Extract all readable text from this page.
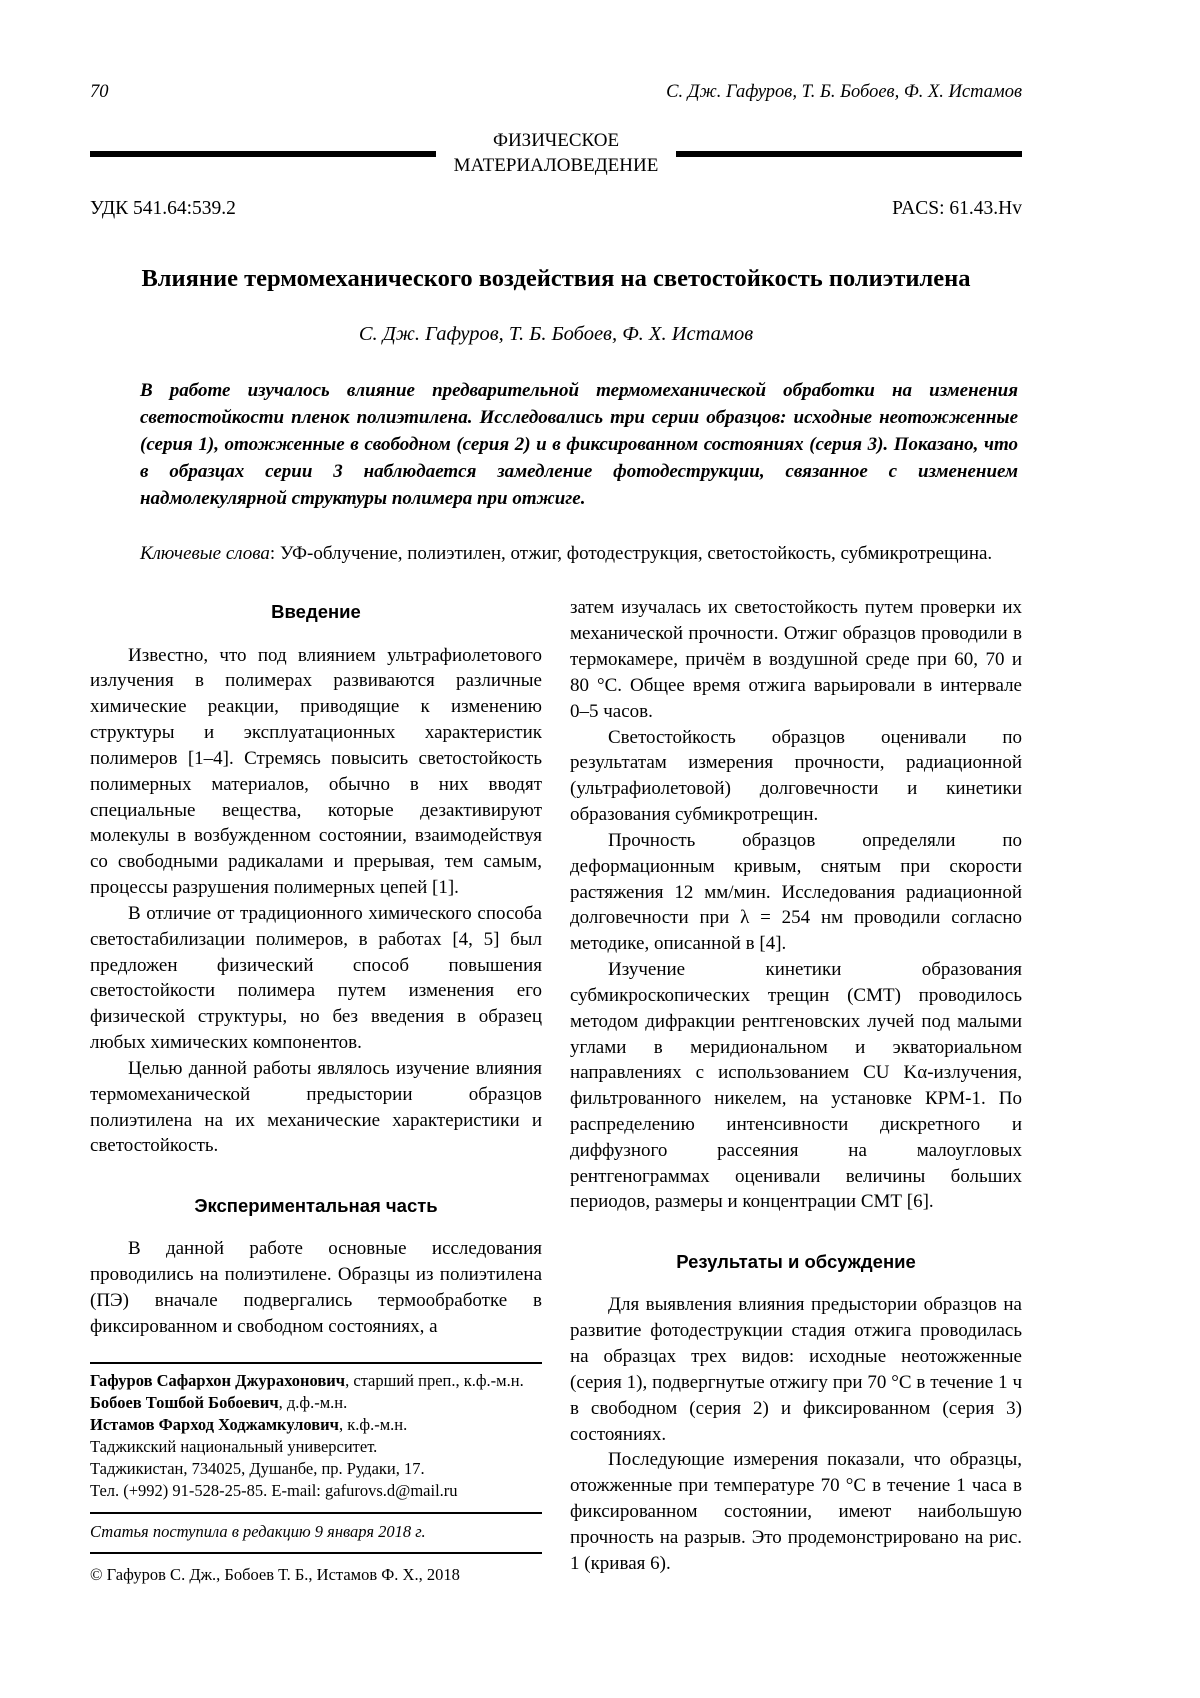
70	С. Дж. Гафуров, Т. Б. Бобоев, Ф. Х. Истамов
ФИЗИЧЕСКОЕ
МАТЕРИАЛОВЕДЕНИЕ
УДК 541.64:539.2	PACS: 61.43.Hv
Влияние термомеханического воздействия на светостойкость полиэтилена
С. Дж. Гафуров, Т. Б. Бобоев, Ф. Х. Истамов

В работе изучалось влияние предварительной термомеханической обработки на изменения светостойкости пленок полиэтилена. Исследовались три серии образцов: исходные неотожженные (серия 1), отожженные в свободном (серия 2) и в фиксированном состояниях (серия 3). Показано, что в образцах серии 3 наблюдается замедление фотодеструкции, связанное с изменением надмолекулярной структуры полимера при отжиге.

Ключевые слова: УФ-облучение, полиэтилен, отжиг, фотодеструкция, светостойкость, субмикротрещина.

Введение

Известно, что под влиянием ультрафиолетового излучения в полимерах развиваются различные химические реакции, приводящие к изменению структуры и эксплуатационных характеристик полимеров [1–4]. Стремясь повысить светостойкость полимерных материалов, обычно в них вводят специальные вещества, которые дезактивируют молекулы в возбужденном состоянии, взаимодействуя со свободными радикалами и прерывая, тем самым, процессы разрушения полимерных цепей [1].

В отличие от традиционного химического способа светостабилизации полимеров, в работах [4, 5] был предложен физический способ повышения светостойкости полимера путем изменения его физической структуры, но без введения в образец любых химических компонентов.

Целью данной работы являлось изучение влияния термомеханической предыстории образцов полиэтилена на их механические характеристики и светостойкость.

Экспериментальная часть

В данной работе основные исследования проводились на полиэтилене. Образцы из полиэтилена (ПЭ) вначале подвергались термообработке в фиксированном и свободном состояниях, а

Гафуров Сафархон Джурахонович, старший преп., к.ф.-м.н.
Бобоев Тошбой Бобоевич, д.ф.-м.н.
Истамов Фарход Ходжамкулович, к.ф.-м.н.
Таджикский национальный университет.
Таджикистан, 734025, Душанбе, пр. Рудаки, 17.
Тел. (+992) 91-528-25-85. E-mail: gafurovs.d@mail.ru
Статья поступила в редакцию 9 января 2018 г.
© Гафуров С. Дж., Бобоев Т. Б., Истамов Ф. Х., 2018

затем изучалась их светостойкость путем проверки их механической прочности. Отжиг образцов проводили в термокамере, причём в воздушной среде при 60, 70 и 80 °С. Общее время отжига варьировали в интервале 0–5 часов.

Светостойкость образцов оценивали по результатам измерения прочности, радиационной (ультрафиолетовой) долговечности и кинетики образования субмикротрещин.

Прочность образцов определяли по деформационным кривым, снятым при скорости растяжения 12 мм/мин. Исследования радиационной долговечности при λ = 254 нм проводили согласно методике, описанной в [4].

Изучение кинетики образования субмикроскопических трещин (СМТ) проводилось методом дифракции рентгеновских лучей под малыми углами в меридиональном и экваториальном направлениях с использованием CU Kα-излучения, фильтрованного никелем, на установке КРМ-1. По распределению интенсивности дискретного и диффузного рассеяния на малоугловых рентгенограммах оценивали величины больших периодов, размеры и концентрации СМТ [6].

Результаты и обсуждение

Для выявления влияния предыстории образцов на развитие фотодеструкции стадия отжига проводилась на образцах трех видов: исходные неотожженные (серия 1), подвергнутые отжигу при 70 °С в течение 1 ч в свободном (серия 2) и фиксированном (серия 3) состояниях.

Последующие измерения показали, что образцы, отожженные при температуре 70 °С в течение 1 часа в фиксированном состоянии, имеют наибольшую прочность на разрыв. Это продемонстрировано на рис. 1 (кривая 6).
